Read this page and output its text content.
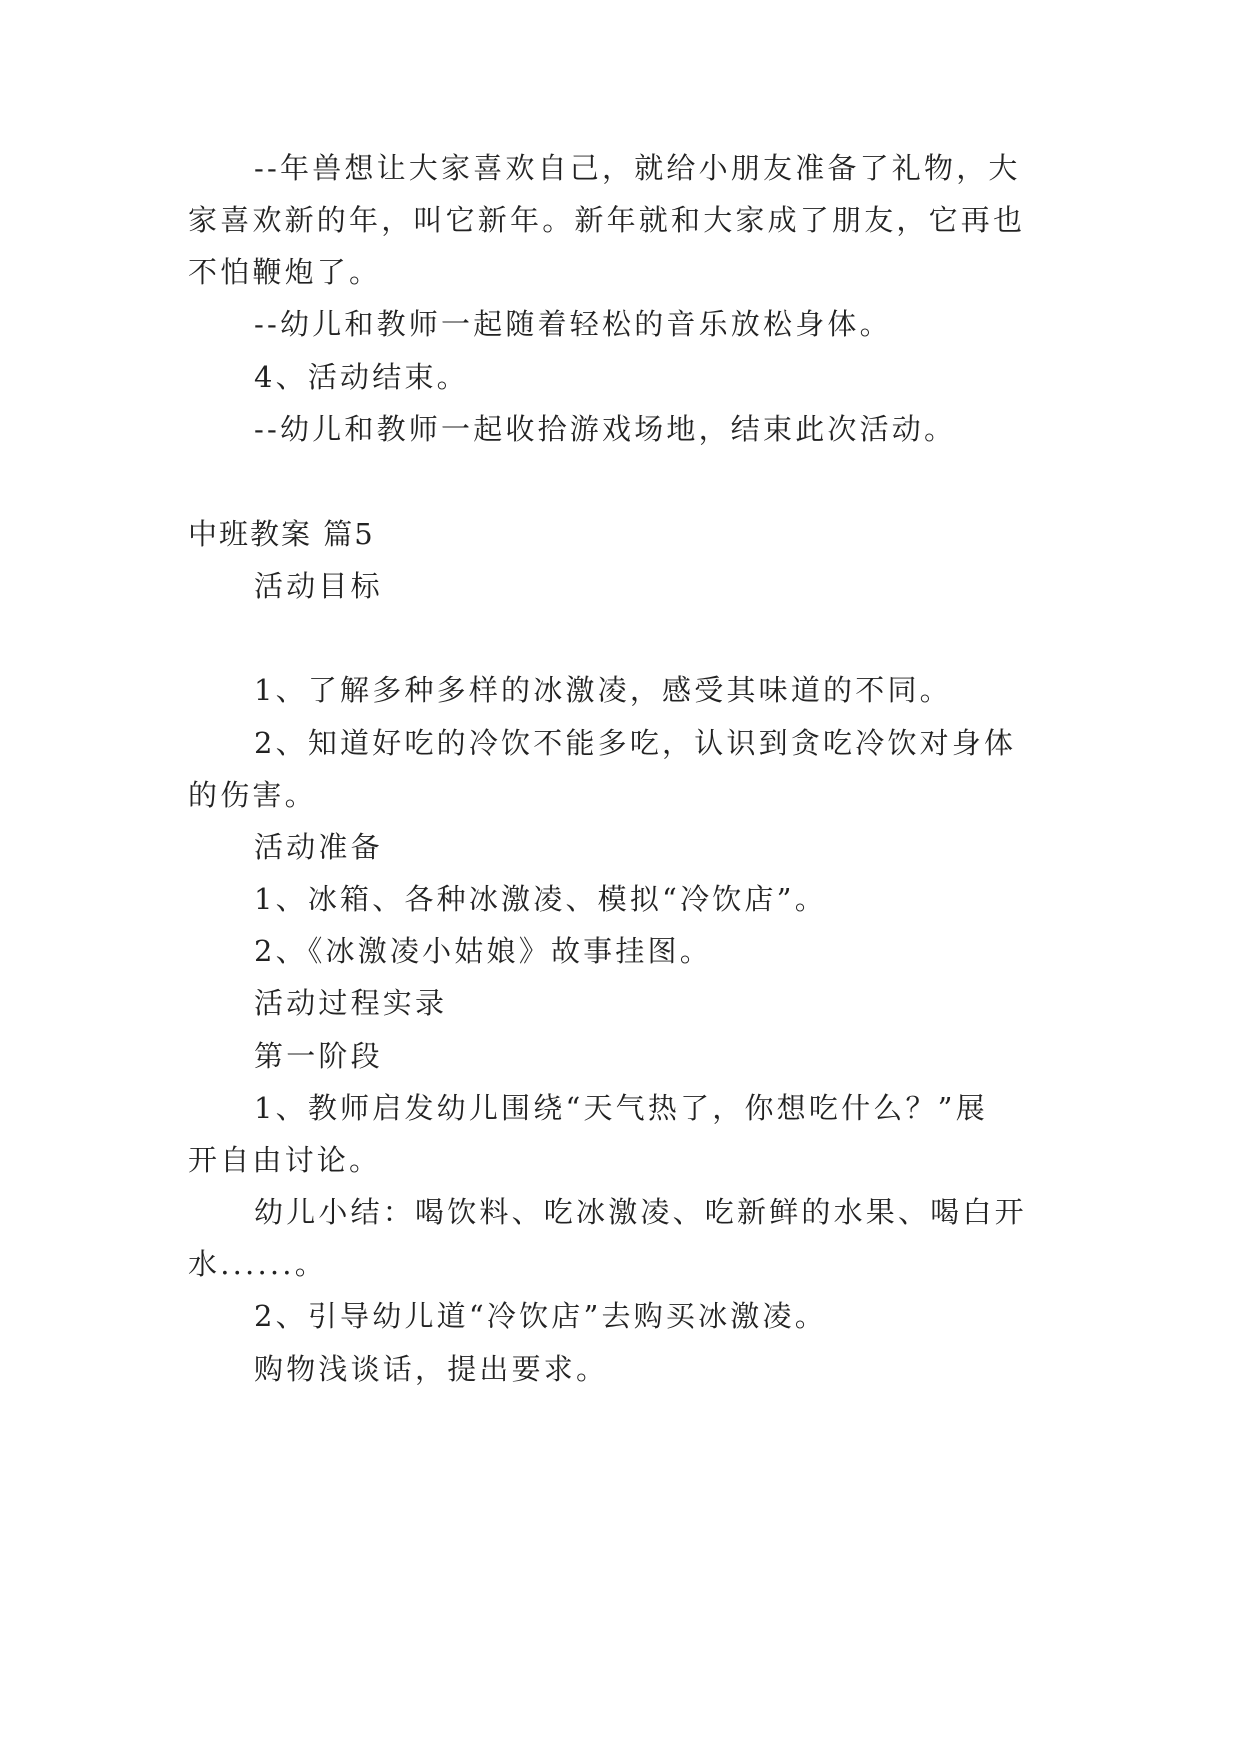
--年兽想让大家喜欢自己，就给小朋友准备了礼物，大
家喜欢新的年，叫它新年。新年就和大家成了朋友，它再也
不怕鞭炮了。
--幼儿和教师一起随着轻松的音乐放松身体。
4、活动结束。
--幼儿和教师一起收拾游戏场地，结束此次活动。
中班教案 篇5
活动目标
1、了解多种多样的冰激凌，感受其味道的不同。
2、知道好吃的冷饮不能多吃，认识到贪吃冷饮对身体
的伤害。
活动准备
1、冰箱、各种冰激凌、模拟“冷饮店”。
2、《冰激凌小姑娘》故事挂图。
活动过程实录
第一阶段
1、教师启发幼儿围绕“天气热了，你想吃什么？”展
开自由讨论。
幼儿小结：喝饮料、吃冰激凌、吃新鲜的水果、喝白开
水......。
2、引导幼儿道“冷饮店”去购买冰激凌。
购物浅谈话，提出要求。
